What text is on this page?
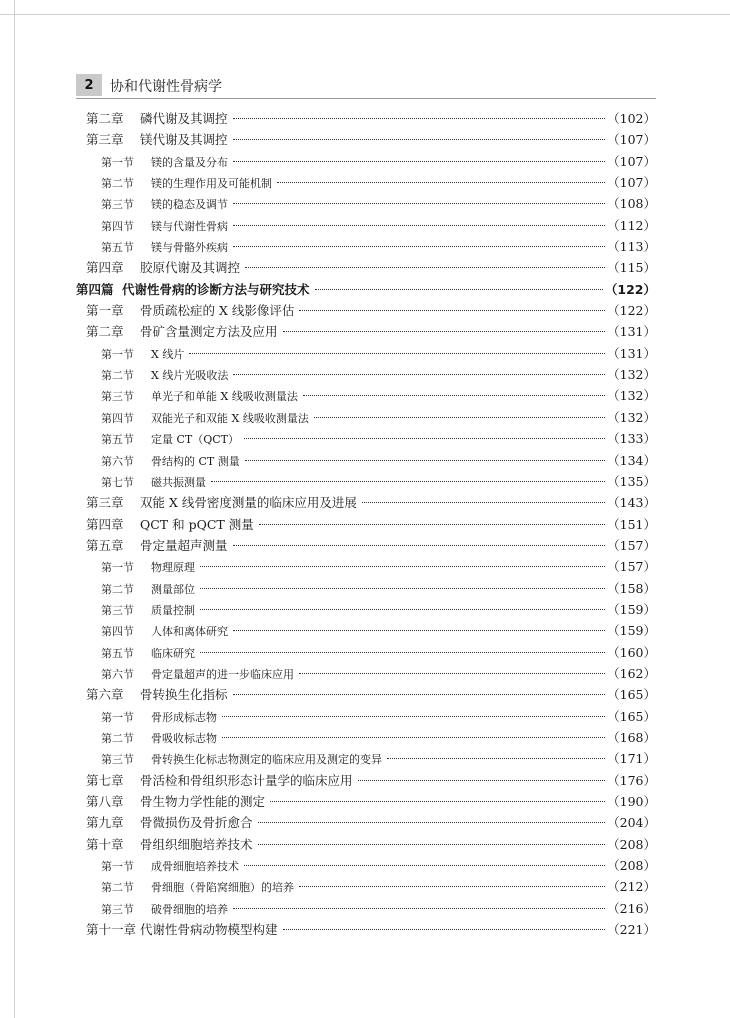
2	协和代谢性骨病学
第二章	磷代谢及其调控	（102）
第三章	镁代谢及其调控	（107）
第一节	镁的含量及分布	（107）
第二节	镁的生理作用及可能机制	（107）
第三节	镁的稳态及调节	（108）
第四节	镁与代谢性骨病	（112）
第五节	镁与骨骼外疾病	（113）
第四章	胶原代谢及其调控	（115）
第四篇 代谢性骨病的诊断方法与研究技术	（122）
第一章	骨质疏松症的 X 线影像评估	（122）
第二章	骨矿含量测定方法及应用	（131）
第一节	X 线片	（131）
第二节	X 线片光吸收法	（132）
第三节	单光子和单能 X 线吸收测量法	（132）
第四节	双能光子和双能 X 线吸收测量法	（132）
第五节	定量 CT（QCT）	（133）
第六节	骨结构的 CT 测量	（134）
第七节	磁共振测量	（135）
第三章	双能 X 线骨密度测量的临床应用及进展	（143）
第四章	QCT 和 pQCT 测量	（151）
第五章	骨定量超声测量	（157）
第一节	物理原理	（157）
第二节	测量部位	（158）
第三节	质量控制	（159）
第四节	人体和离体研究	（159）
第五节	临床研究	（160）
第六节	骨定量超声的进一步临床应用	（162）
第六章	骨转换生化指标	（165）
第一节	骨形成标志物	（165）
第二节	骨吸收标志物	（168）
第三节	骨转换生化标志物测定的临床应用及测定的变异	（171）
第七章	骨活检和骨组织形态计量学的临床应用	（176）
第八章	骨生物力学性能的测定	（190）
第九章	骨微损伤及骨折愈合	（204）
第十章	骨组织细胞培养技术	（208）
第一节	成骨细胞培养技术	（208）
第二节	骨细胞（骨陷窝细胞）的培养	（212）
第三节	破骨细胞的培养	（216）
第十一章 代谢性骨病动物模型构建	（221）
